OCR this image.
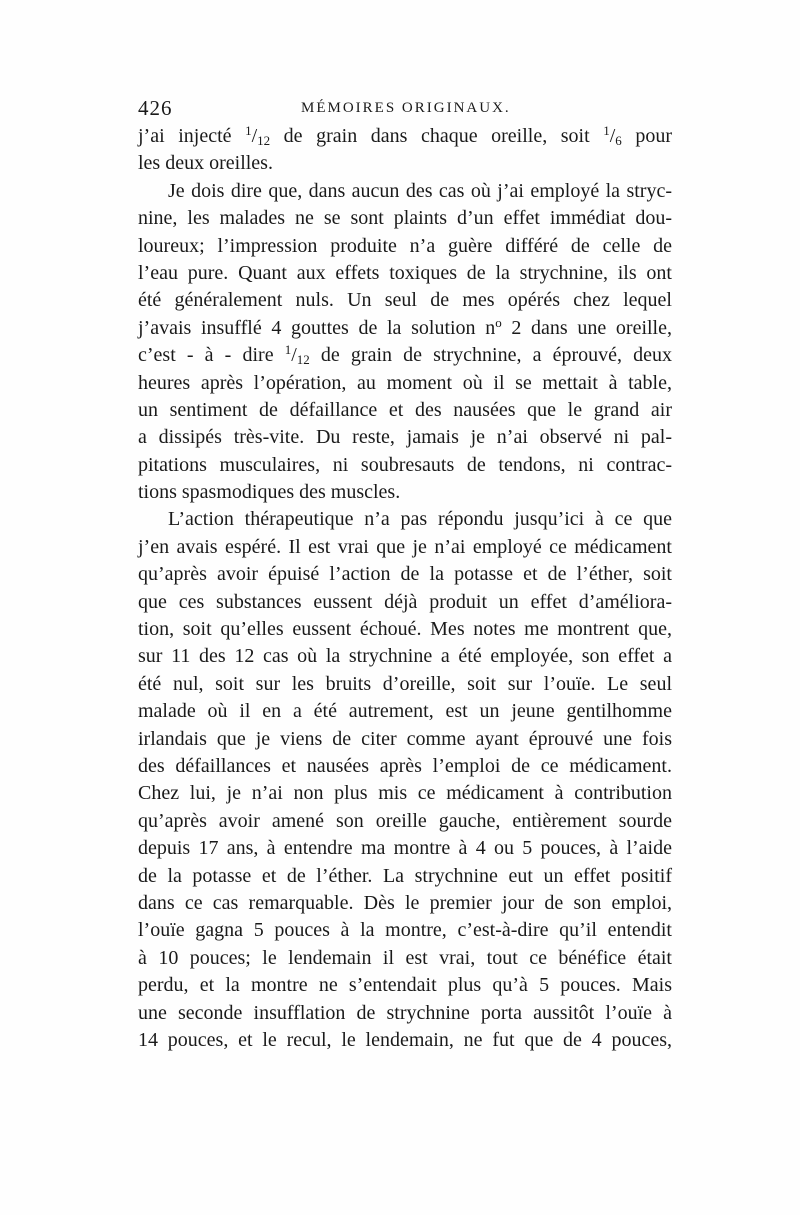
426	MÉMOIRES ORIGINAUX.
j’ai injecté $^1/_{12}$ de grain dans chaque oreille, soit $^1/_6$ pour
les deux oreilles.
Je dois dire que, dans aucun des cas où j’ai employé la stryc-
nine, les malades ne se sont plaints d’un effet immédiat dou-
loureux; l’impression produite n’a guère différé de celle de
l’eau pure. Quant aux effets toxiques de la strychnine, ils ont
été généralement nuls. Un seul de mes opérés chez lequel
j’avais insufflé 4 gouttes de la solution $n^o$ 2 dans une oreille,
c’est - à - dire $^1/_{12}$ de grain de strychnine, a éprouvé, deux
heures après l’opération, au moment où il se mettait à table,
un sentiment de défaillance et des nausées que le grand air
a dissipés très-vite. Du reste, jamais je n’ai observé ni pal-
pitations musculaires, ni soubresauts de tendons, ni contrac-
tions spasmodiques des muscles.
L’action thérapeutique n’a pas répondu jusqu’ici à ce que
j’en avais espéré. Il est vrai que je n’ai employé ce médicament
qu’après avoir épuisé l’action de la potasse et de l’éther, soit
que ces substances eussent déjà produit un effet d’améliora-
tion, soit qu’elles eussent échoué. Mes notes me montrent que,
sur 11 des 12 cas où la strychnine a été employée, son effet a
été nul, soit sur les bruits d’oreille, soit sur l’ouïe. Le seul
malade où il en a été autrement, est un jeune gentilhomme
irlandais que je viens de citer comme ayant éprouvé une fois
des défaillances et nausées après l’emploi de ce médicament.
Chez lui, je n’ai non plus mis ce médicament à contribution
qu’après avoir amené son oreille gauche, entièrement sourde
depuis 17 ans, à entendre ma montre à 4 ou 5 pouces, à l’aide
de la potasse et de l’éther. La strychnine eut un effet positif
dans ce cas remarquable. Dès le premier jour de son emploi,
l’ouïe gagna 5 pouces à la montre, c’est-à-dire qu’il entendit
à 10 pouces; le lendemain il est vrai, tout ce bénéfice était
perdu, et la montre ne s’entendait plus qu’à 5 pouces. Mais
une seconde insufflation de strychnine porta aussitôt l’ouïe à
14 pouces, et le recul, le lendemain, ne fut que de 4 pouces,
